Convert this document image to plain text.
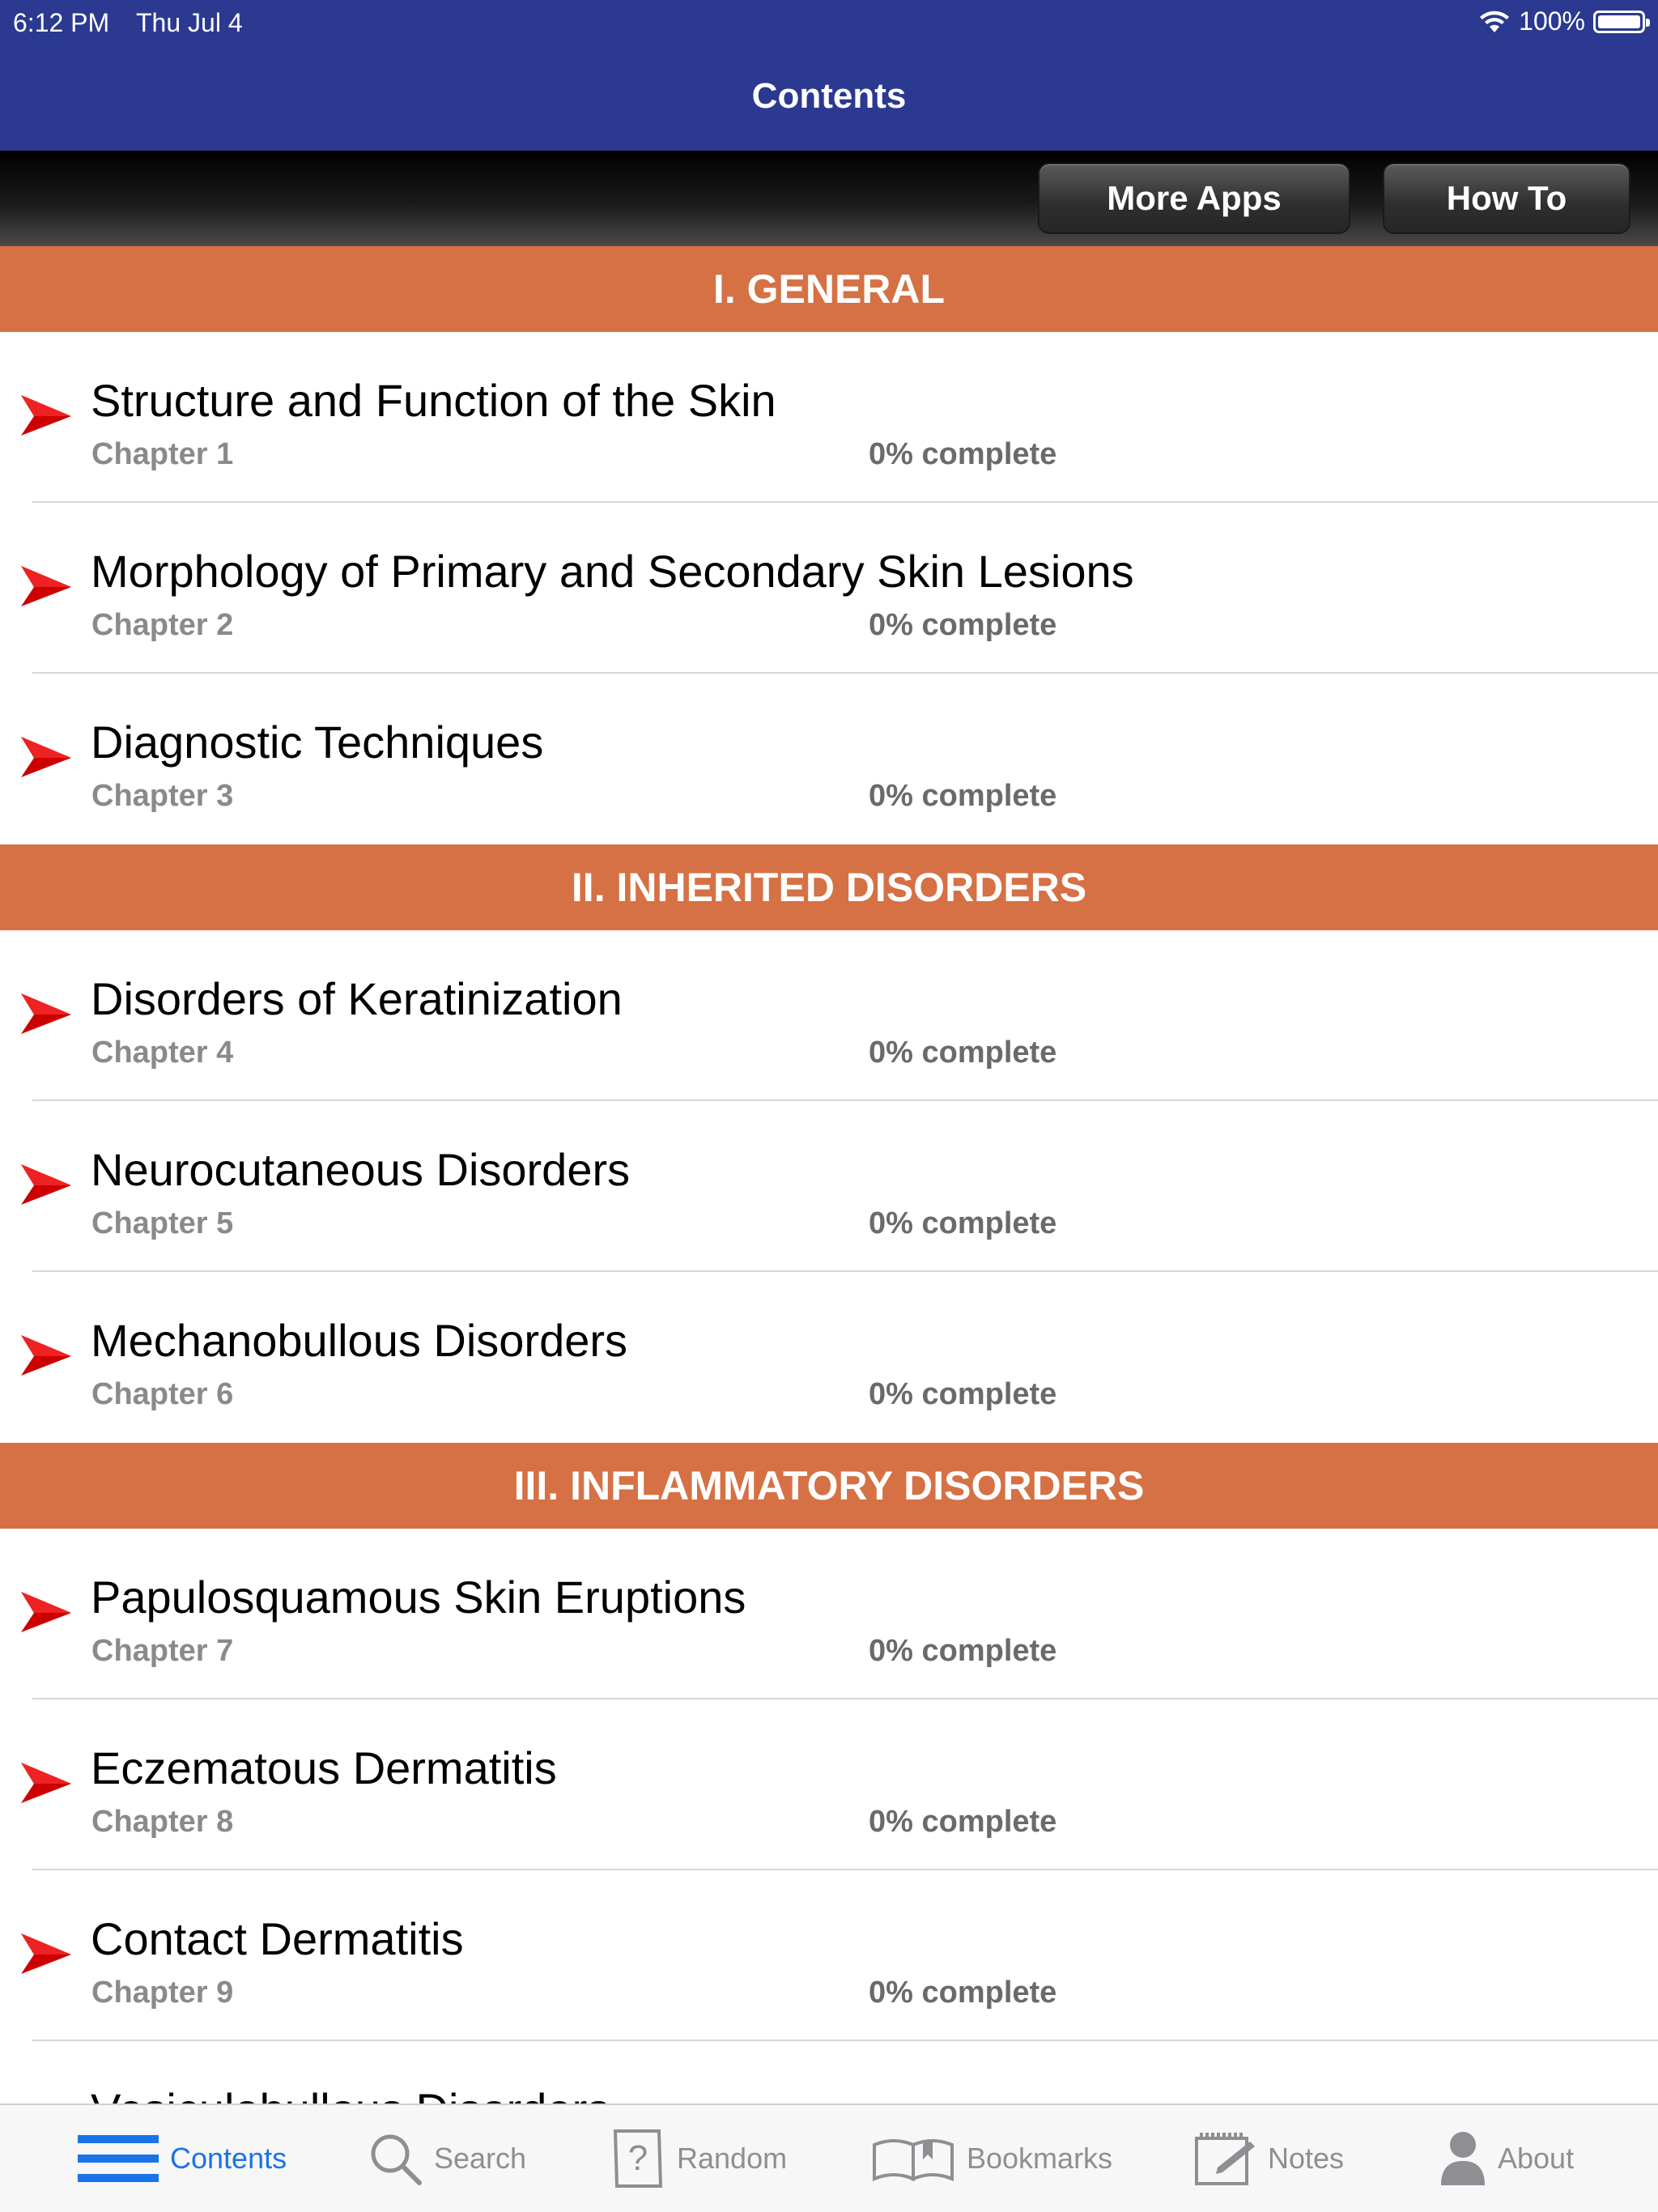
6:12 PM Thu Jul 4	100%
Contents
More Apps	How To
I. GENERAL
Structure and Function of the Skin
Chapter 1	0% complete
Morphology of Primary and Secondary Skin Lesions
Chapter 2	0% complete
Diagnostic Techniques
Chapter 3	0% complete
II. INHERITED DISORDERS
Disorders of Keratinization
Chapter 4	0% complete
Neurocutaneous Disorders
Chapter 5	0% complete
Mechanobullous Disorders
Chapter 6	0% complete
III. INFLAMMATORY DISORDERS
Papulosquamous Skin Eruptions
Chapter 7	0% complete
Eczematous Dermatitis
Chapter 8	0% complete
Contact Dermatitis
Chapter 9	0% complete
Contents	Search	? Random	Bookmarks	Notes	About
